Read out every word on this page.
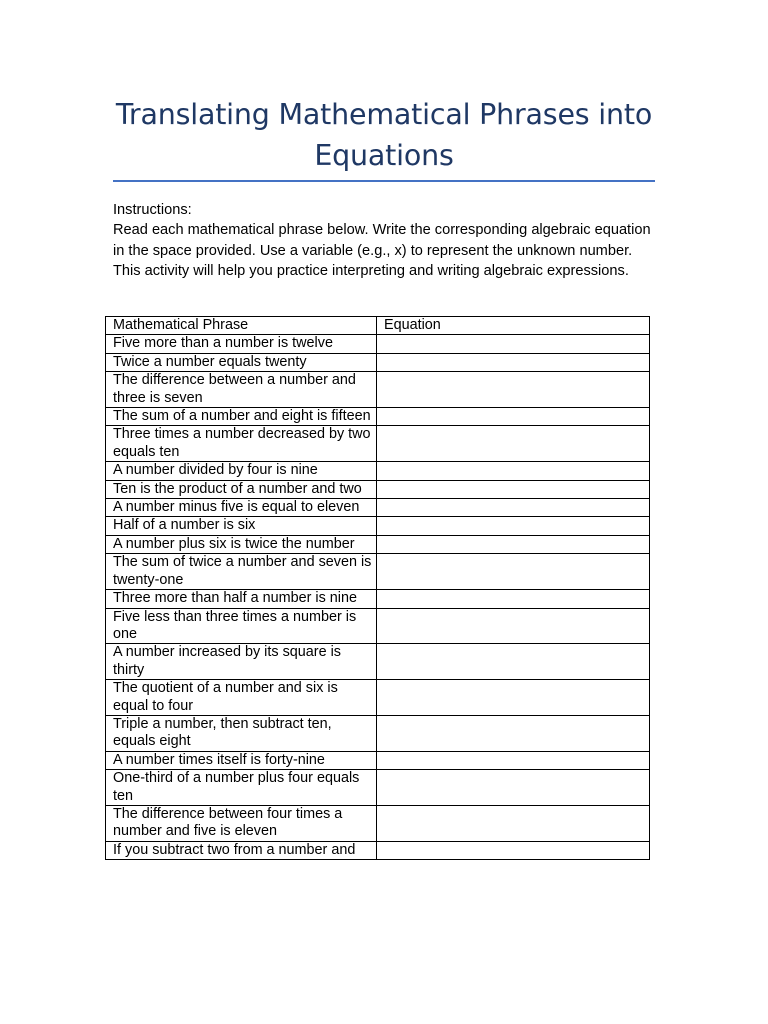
Translating Mathematical Phrases into Equations

Instructions:

Read each mathematical phrase below. Write the corresponding algebraic equation in the space provided. Use a variable (e.g., x) to represent the unknown number. This activity will help you practice interpreting and writing algebraic expressions.

Mathematical Phrase	Equation
Five more than a number is twelve	
Twice a number equals twenty	
The difference between a number and three is seven	
The sum of a number and eight is fifteen	
Three times a number decreased by two equals ten	
A number divided by four is nine	
Ten is the product of a number and two	
A number minus five is equal to eleven	
Half of a number is six	
A number plus six is twice the number	
The sum of twice a number and seven is twenty-one	
Three more than half a number is nine	
Five less than three times a number is one	
A number increased by its square is thirty	
The quotient of a number and six is equal to four	
Triple a number, then subtract ten, equals eight	
A number times itself is forty-nine	
One-third of a number plus four equals ten	
The difference between four times a number and five is eleven	
If you subtract two from a number and	
